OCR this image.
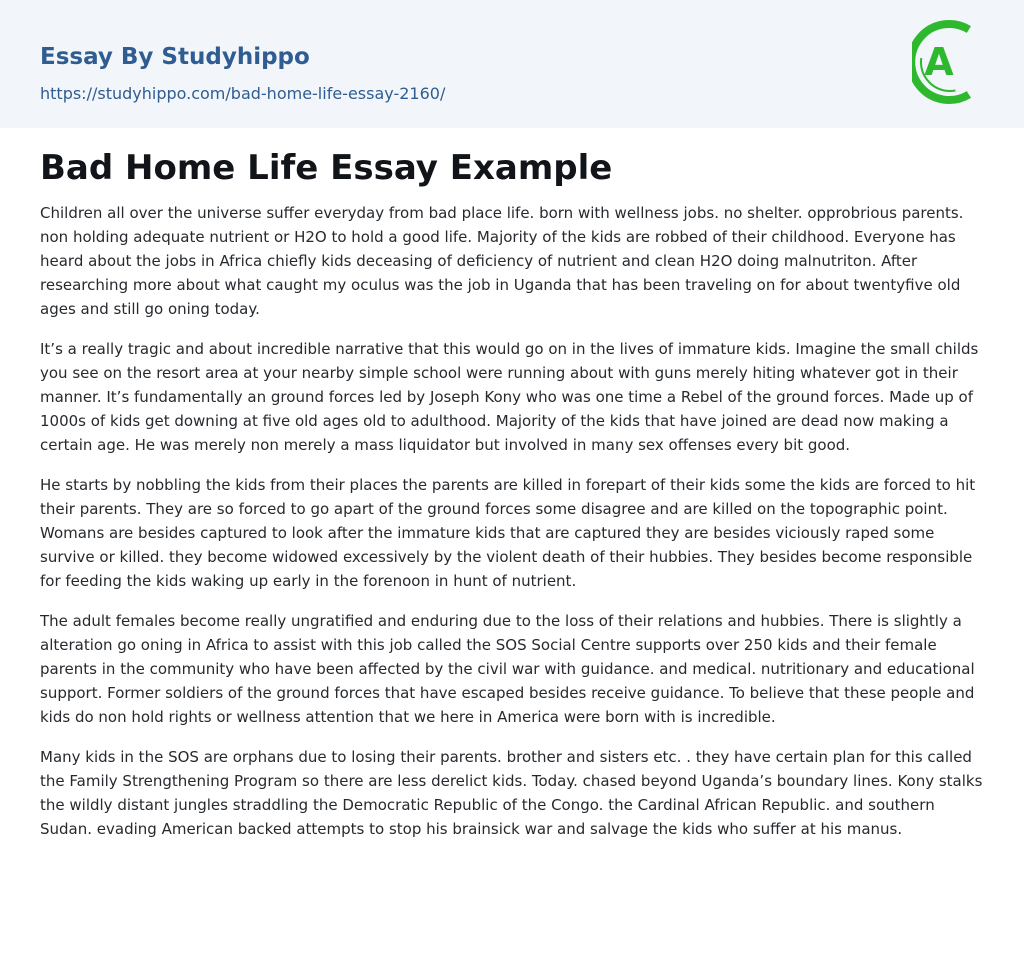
Essay By Studyhippo
https://studyhippo.com/bad-home-life-essay-2160/
A
Bad Home Life Essay Example

Children all over the universe suffer everyday from bad place life. born with wellness jobs. no shelter. opprobrious parents. non holding adequate nutrient or H2O to hold a good life. Majority of the kids are robbed of their childhood. Everyone has heard about the jobs in Africa chiefly kids deceasing of deficiency of nutrient and clean H2O doing malnutriton. After researching more about what caught my oculus was the job in Uganda that has been traveling on for about twentyfive old ages and still go oning today.

It’s a really tragic and about incredible narrative that this would go on in the lives of immature kids. Imagine the small childs you see on the resort area at your nearby simple school were running about with guns merely hiting whatever got in their manner. It’s fundamentally an ground forces led by Joseph Kony who was one time a Rebel of the ground forces. Made up of 1000s of kids get downing at five old ages old to adulthood. Majority of the kids that have joined are dead now making a certain age. He was merely non merely a mass liquidator but involved in many sex offenses every bit good.

He starts by nobbling the kids from their places the parents are killed in forepart of their kids some the kids are forced to hit their parents. They are so forced to go apart of the ground forces some disagree and are killed on the topographic point. Womans are besides captured to look after the immature kids that are captured they are besides viciously raped some survive or killed. they become widowed excessively by the violent death of their hubbies. They besides become responsible for feeding the kids waking up early in the forenoon in hunt of nutrient.

The adult females become really ungratified and enduring due to the loss of their relations and hubbies. There is slightly a alteration go oning in Africa to assist with this job called the SOS Social Centre supports over 250 kids and their female parents in the community who have been affected by the civil war with guidance. and medical. nutritionary and educational support. Former soldiers of the ground forces that have escaped besides receive guidance. To believe that these people and kids do non hold rights or wellness attention that we here in America were born with is incredible.

Many kids in the SOS are orphans due to losing their parents. brother and sisters etc. . they have certain plan for this called the Family Strengthening Program so there are less derelict kids. Today. chased beyond Uganda’s boundary lines. Kony stalks the wildly distant jungles straddling the Democratic Republic of the Congo. the Cardinal African Republic. and southern Sudan. evading American backed attempts to stop his brainsick war and salvage the kids who suffer at his manus.
